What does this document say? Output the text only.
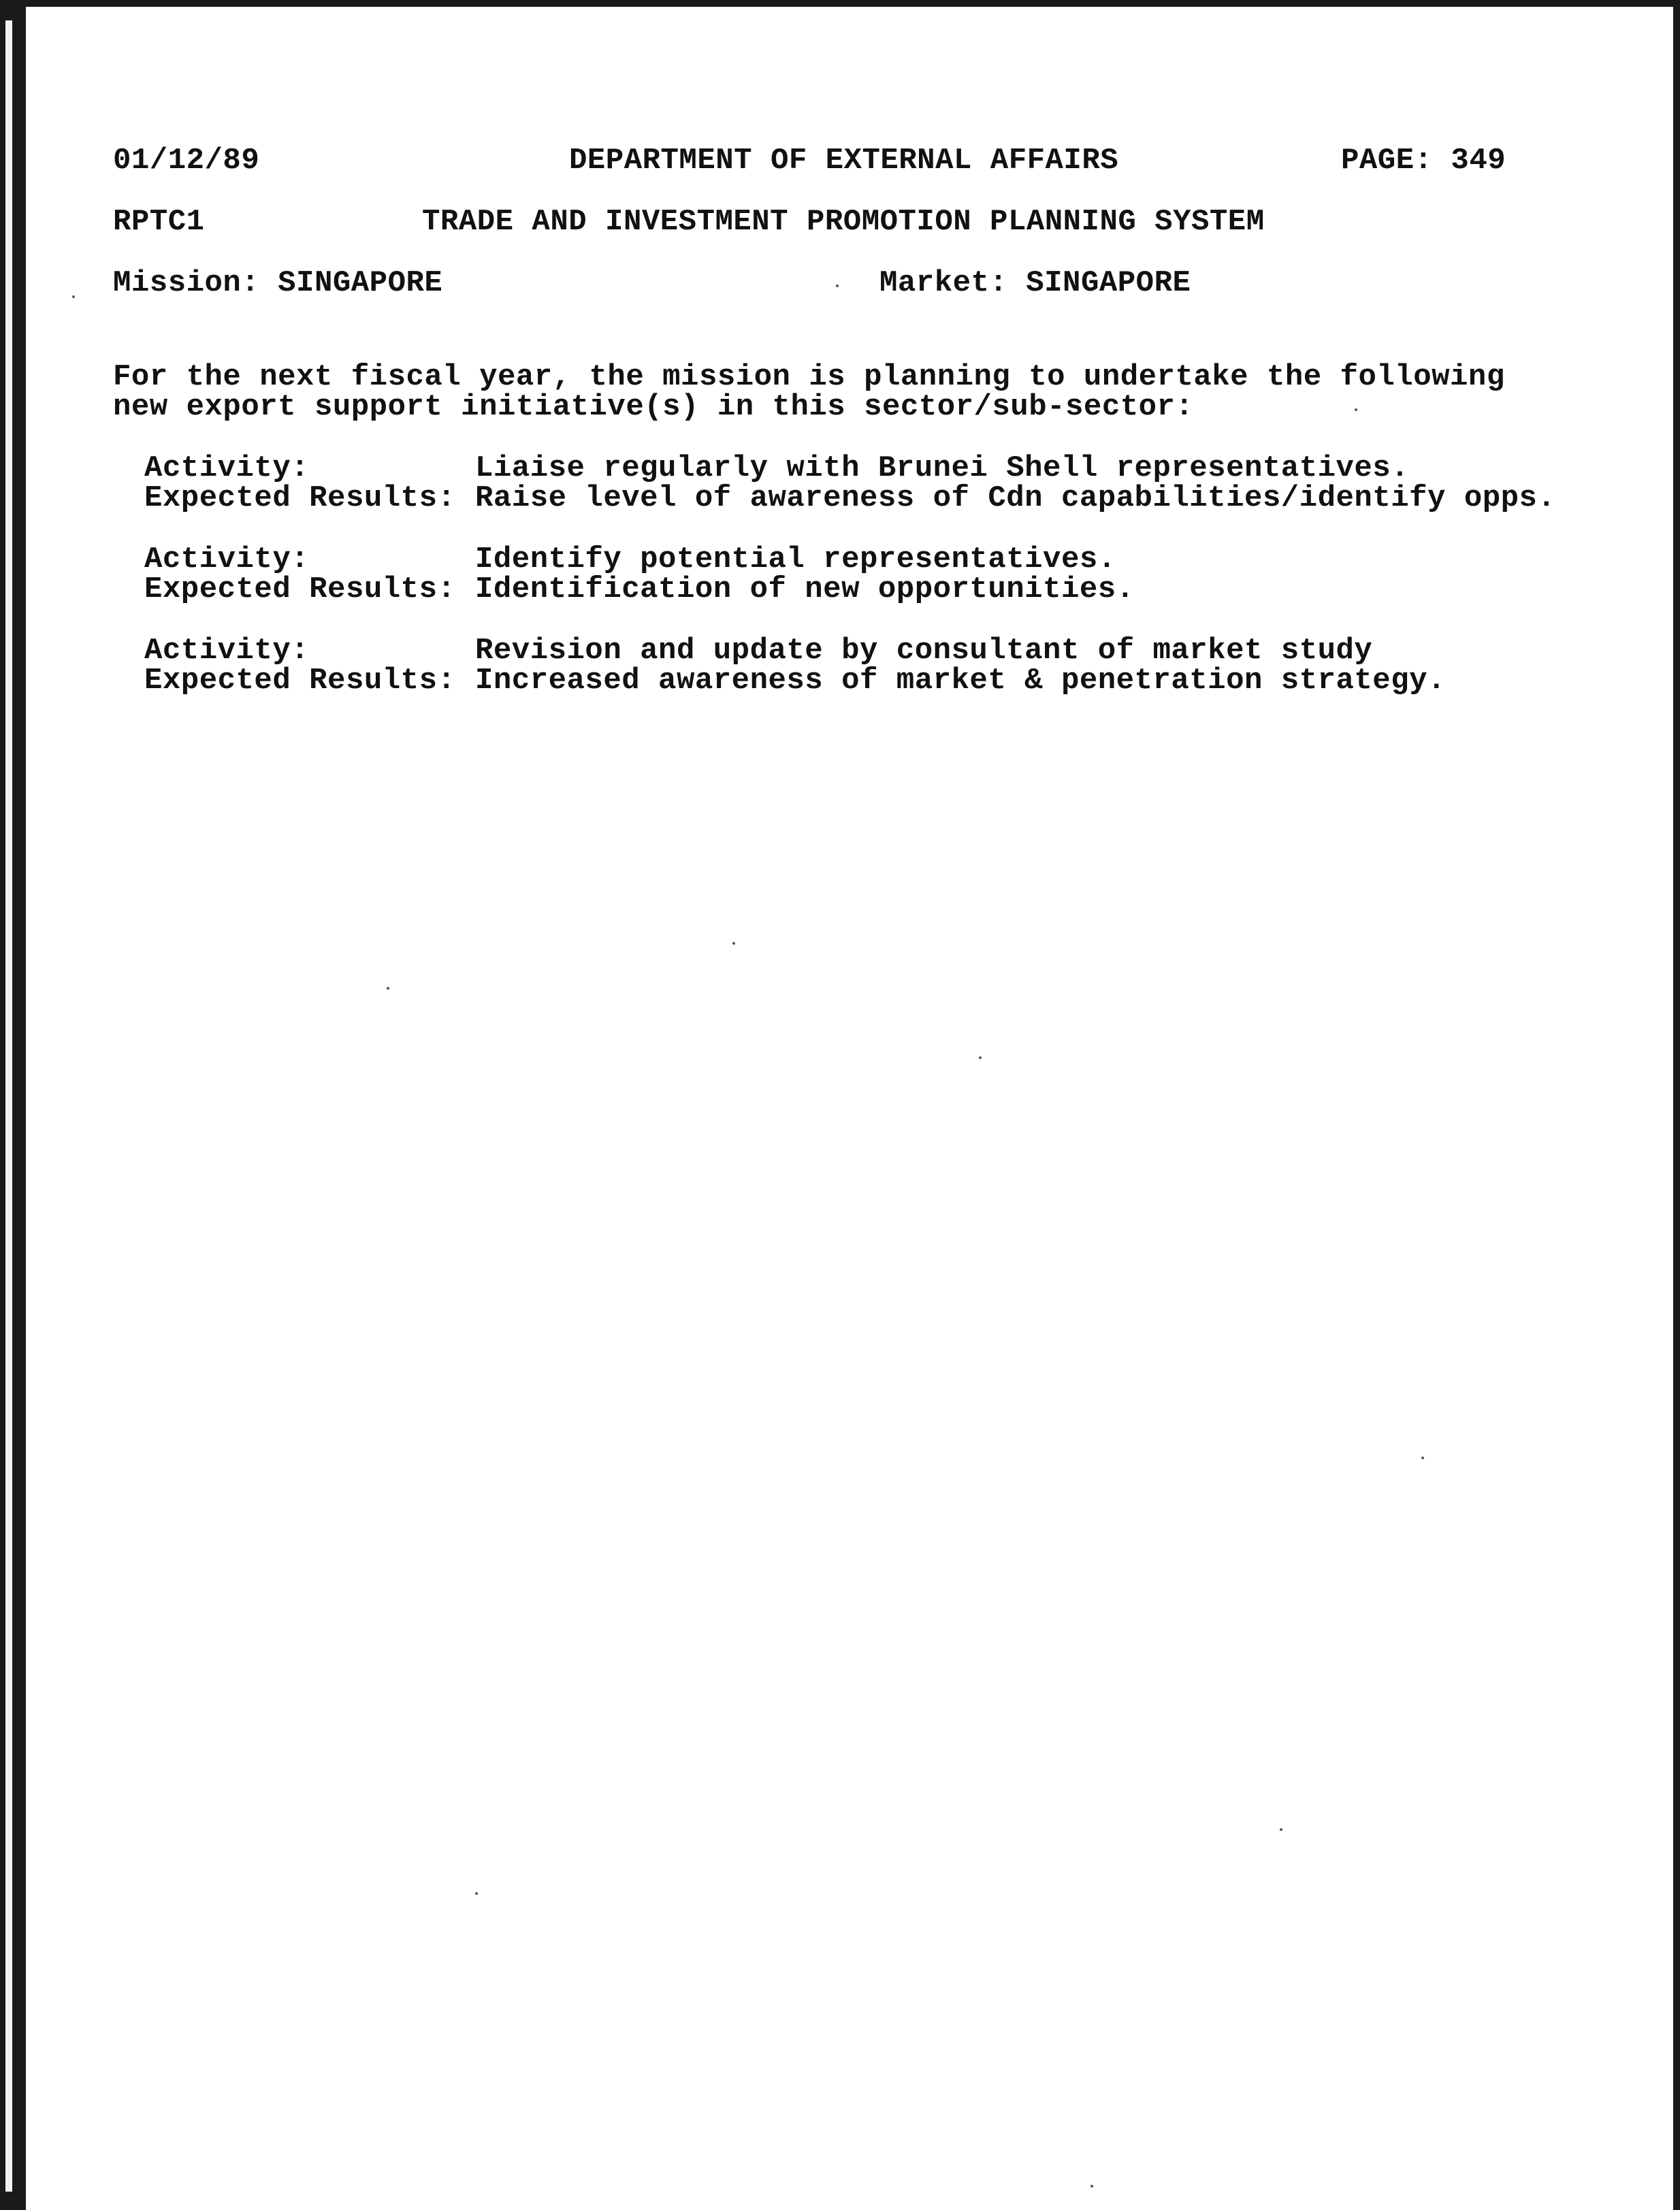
01/12/89	DEPARTMENT OF EXTERNAL AFFAIRS	PAGE: 349
RPTC1	TRADE AND INVESTMENT PROMOTION PLANNING SYSTEM
Mission: SINGAPORE	Market: SINGAPORE
For the next fiscal year, the mission is planning to undertake the following
new export support initiative(s) in this sector/sub-sector:
Activity:	Liaise regularly with Brunei Shell representatives.
Expected Results: Raise level of awareness of Cdn capabilities/identify opps.
Activity:	Identify potential representatives.
Expected Results: Identification of new opportunities.
Activity:	Revision and update by consultant of market study
Expected Results: Increased awareness of market & penetration strategy.
